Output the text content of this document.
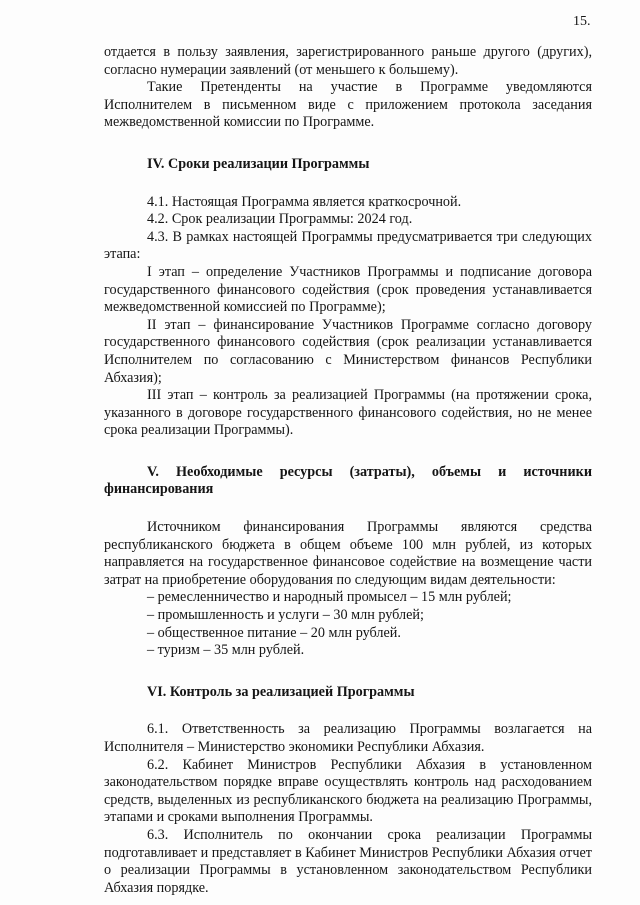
15.

отдается в пользу заявления, зарегистрированного раньше другого (других), согласно нумерации заявлений (от меньшего к большему).

Такие Претенденты на участие в Программе уведомляются Исполнителем в письменном виде с приложением протокола заседания межведомственной комиссии по Программе.

IV. Сроки реализации Программы

4.1. Настоящая Программа является краткосрочной.

4.2. Срок реализации Программы: 2024 год.

4.3. В рамках настоящей Программы предусматривается три следующих этапа:

I этап – определение Участников Программы и подписание договора государственного финансового содействия (срок проведения устанавливается межведомственной комиссией по Программе);

II этап – финансирование Участников Программе согласно договору государственного финансового содействия (срок реализации устанавливается Исполнителем по согласованию с Министерством финансов Республики Абхазия);

III этап – контроль за реализацией Программы (на протяжении срока, указанного в договоре государственного финансового содействия, но не менее срока реализации Программы).

V. Необходимые ресурсы (затраты), объемы и источники финансирования

Источником финансирования Программы являются средства республиканского бюджета в общем объеме 100 млн рублей, из которых направляется на государственное финансовое содействие на возмещение части затрат на приобретение оборудования по следующим видам деятельности:

– ремесленничество и народный промысел – 15 млн рублей;

– промышленность и услуги – 30 млн рублей;

– общественное питание – 20 млн рублей.

– туризм – 35 млн рублей.

VI. Контроль за реализацией Программы

6.1. Ответственность за реализацию Программы возлагается на Исполнителя – Министерство экономики Республики Абхазия.

6.2. Кабинет Министров Республики Абхазия в установленном законодательством порядке вправе осуществлять контроль над расходованием средств, выделенных из республиканского бюджета на реализацию Программы, этапами и сроками выполнения Программы.

6.3. Исполнитель по окончании срока реализации Программы подготавливает и представляет в Кабинет Министров Республики Абхазия отчет о реализации Программы в установленном законодательством Республики Абхазия порядке.
